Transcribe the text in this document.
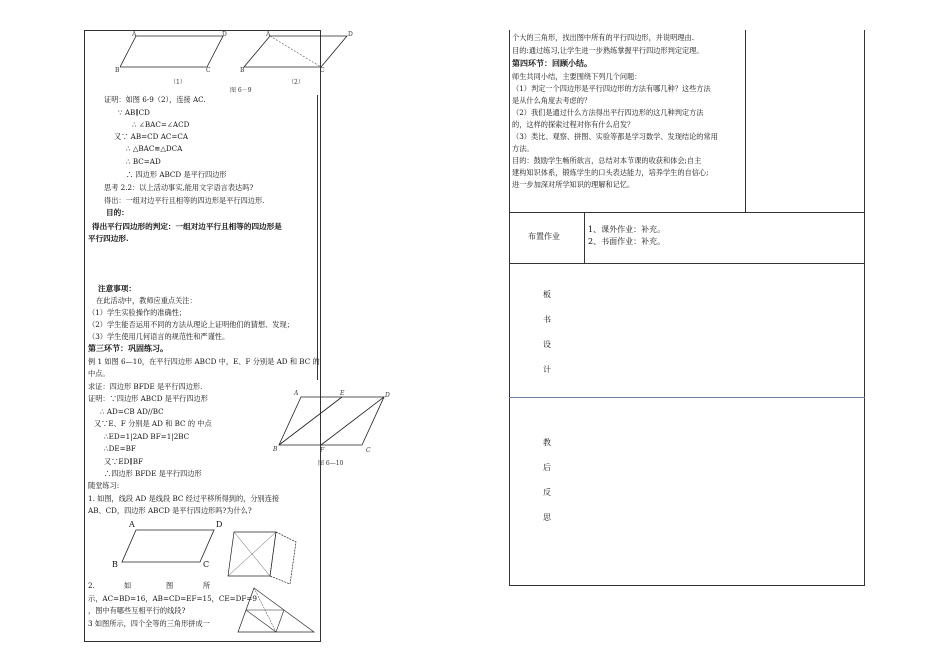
A	D
B	C
A	D
B	C
（1）	（2）
图 6－9
证明：如图 6-9（2），连接 AC.
∵ AB∥CD
∴ ∠BAC=∠ACD
又∵ AB=CD AC=CA
∴ △BAC≌△DCA
∴ BC=AD
∴ 四边形 ABCD 是平行四边形
思考 2.2：以上活动事实,能用文字语言表达吗?
得出：一组对边平行且相等的四边形是平行四边形.
目的：
得出平行四边形的判定：一组对边平行且相等的四边形是
平行四边形.
注意事项：
在此活动中，教师应重点关注：
（1）学生实验操作的准确性；
（2）学生能否运用不同的方法从理论上证明他们的猜想、发现；
（3）学生使用几何语言的规范性和严谨性。
第三环节：巩固练习。
例 1 如图 6—10，在平行四边形 ABCD 中，E、F 分别是 AD 和 BC 的
中点。
求证：四边形 BFDE 是平行四边形.
证明：∵四边形 ABCD 是平行四边形
∴ AD=CB AD//BC
又∵E、F 分别是 AD 和 BC 的 中点
∴ED=1|2AD BF=1|2BC
∴DE=BF
又∵ED∥BF
∴四边形 BFDE 是平行四边形
随堂练习:
1. 如图，线段 AD 是线段 BC 经过平移所得到的，分别连接
AB、CD，四边形 ABCD 是平行四边形吗?为什么?
A	E	D
B	F	C
图 6—10
A	D
B	C
2.	如	图	所
示，AC=BD=16，AB=CD=EF=15，CE=DF=9
，图中有哪些互相平行的线段?
3 如图所示，四个全等的三角形拼成一
个大的三角形，找出图中所有的平行四边形，并说明理由.
目的:通过练习,让学生进一步熟练掌握平行四边形判定定理。
第四环节：回顾小结。
师生共同小结，主要围绕下列几个问题：
（1）判定一个四边形是平行四边形的方法有哪几种？这些方法
是从什么角度去考虑的？
（2）我们是通过什么方法得出平行四边形的这几种判定方法
的，这样的探索过程对你有什么启发？
（3）类比、观察、拼图、实验等都是学习数学、发现结论的常用
方法。
目的：鼓励学生畅所欲言，总结对本节课的收获和体会;自主
建构知识体系，锻炼学生的口头表达能力，培养学生的自信心;
进一步加深对所学知识的理解和记忆。
布置作业
1、课外作业：补充。
2、书面作业：补充。
板
书
设
计
教
后
反
思
